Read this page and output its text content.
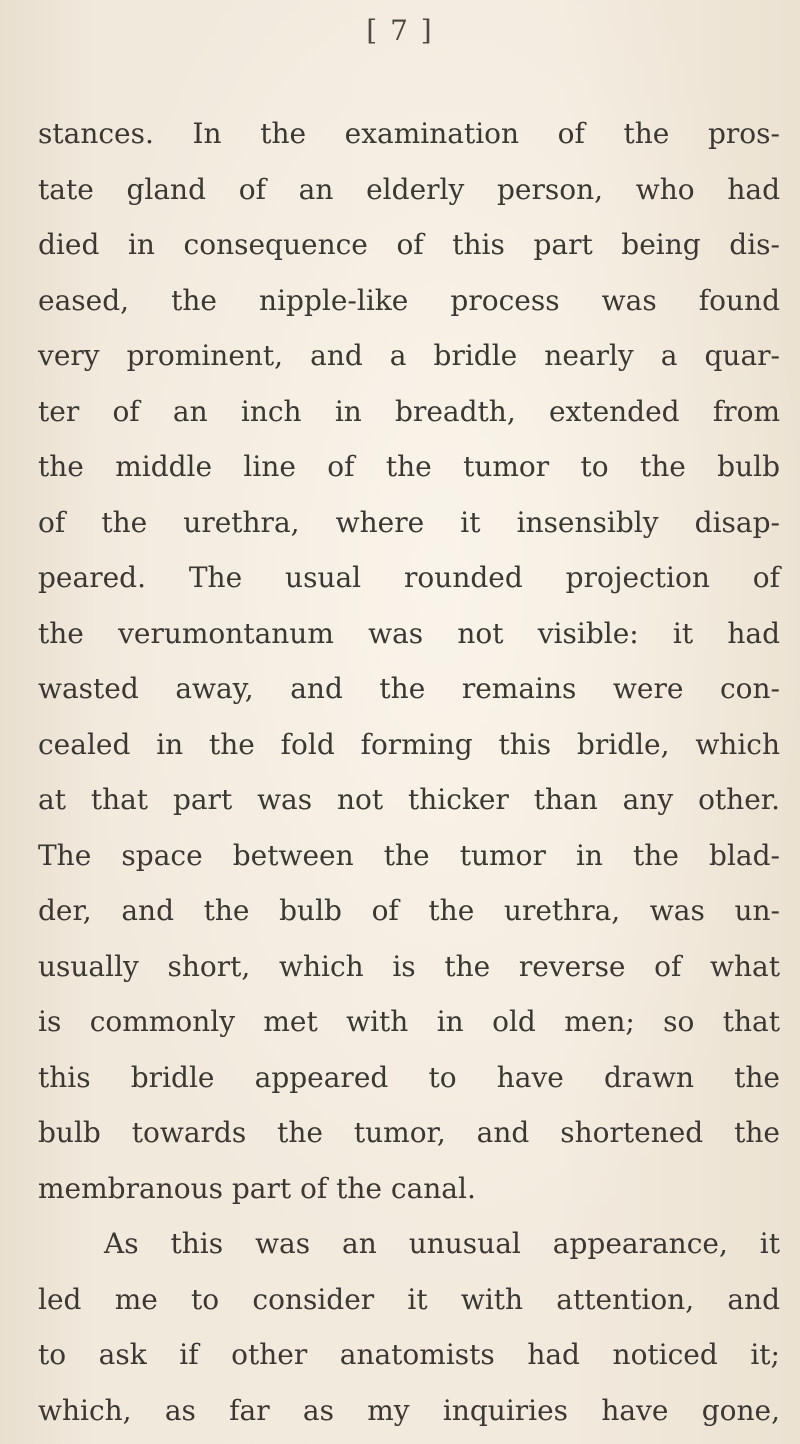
[ 7 ]

stances. In the examination of the pros-
tate gland of an elderly person, who had
died in consequence of this part being dis-
eased, the nipple-like process was found
very prominent, and a bridle nearly a quar-
ter of an inch in breadth, extended from
the middle line of the tumor to the bulb
of the urethra, where it insensibly disap-
peared. The usual rounded projection of
the verumontanum was not visible: it had
wasted away, and the remains were con-
cealed in the fold forming this bridle, which
at that part was not thicker than any other.
The space between the tumor in the blad-
der, and the bulb of the urethra, was un-
usually short, which is the reverse of what
is commonly met with in old men; so that
this bridle appeared to have drawn the
bulb towards the tumor, and shortened the
membranous part of the canal.
As this was an unusual appearance, it
led me to consider it with attention, and
to ask if other anatomists had noticed it;
which, as far as my inquiries have gone,
